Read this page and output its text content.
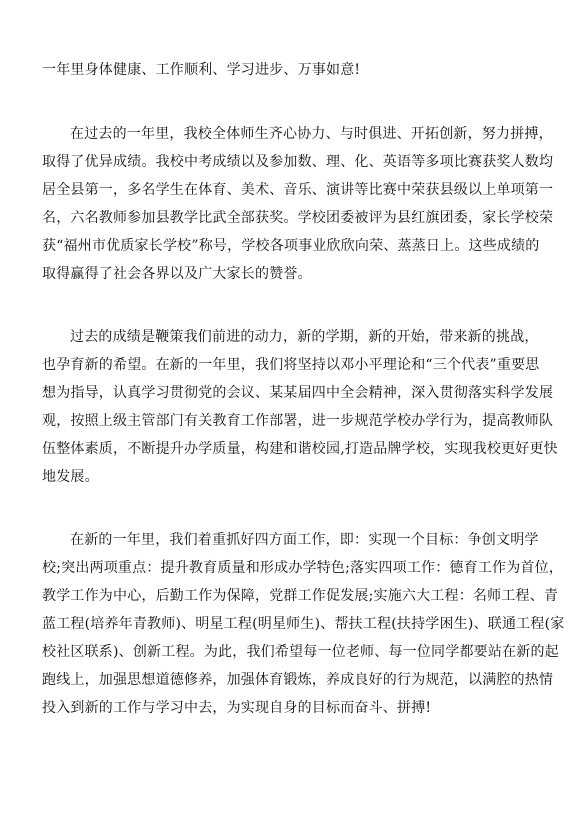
一年里身体健康、工作顺利、学习进步、万事如意!
在过去的一年里，我校全体师生齐心协力、与时俱进、开拓创新，努力拼搏，
取得了优异成绩。我校中考成绩以及参加数、理、化、英语等多项比赛获奖人数均
居全县第一，多名学生在体育、美术、音乐、演讲等比赛中荣获县级以上单项第一
名，六名教师参加县教学比武全部获奖。学校团委被评为县红旗团委，家长学校荣
获“福州市优质家长学校”称号，学校各项事业欣欣向荣、蒸蒸日上。这些成绩的
取得赢得了社会各界以及广大家长的赞誉。
过去的成绩是鞭策我们前进的动力，新的学期，新的开始，带来新的挑战，
也孕育新的希望。在新的一年里，我们将坚持以邓小平理论和“三个代表”重要思
想为指导，认真学习贯彻党的会议、某某届四中全会精神，深入贯彻落实科学发展
观，按照上级主管部门有关教育工作部署，进一步规范学校办学行为，提高教师队
伍整体素质，不断提升办学质量，构建和谐校园,打造品牌学校，实现我校更好更快
地发展。
在新的一年里，我们着重抓好四方面工作，即：实现一个目标：争创文明学
校;突出两项重点：提升教育质量和形成办学特色;落实四项工作：德育工作为首位，
教学工作为中心，后勤工作为保障，党群工作促发展;实施六大工程：名师工程、青
蓝工程(培养年青教师)、明星工程(明星师生)、帮扶工程(扶持学困生)、联通工程(家
校社区联系)、创新工程。为此，我们希望每一位老师、每一位同学都要站在新的起
跑线上，加强思想道德修养，加强体育锻炼，养成良好的行为规范，以满腔的热情
投入到新的工作与学习中去，为实现自身的目标而奋斗、拼搏!
